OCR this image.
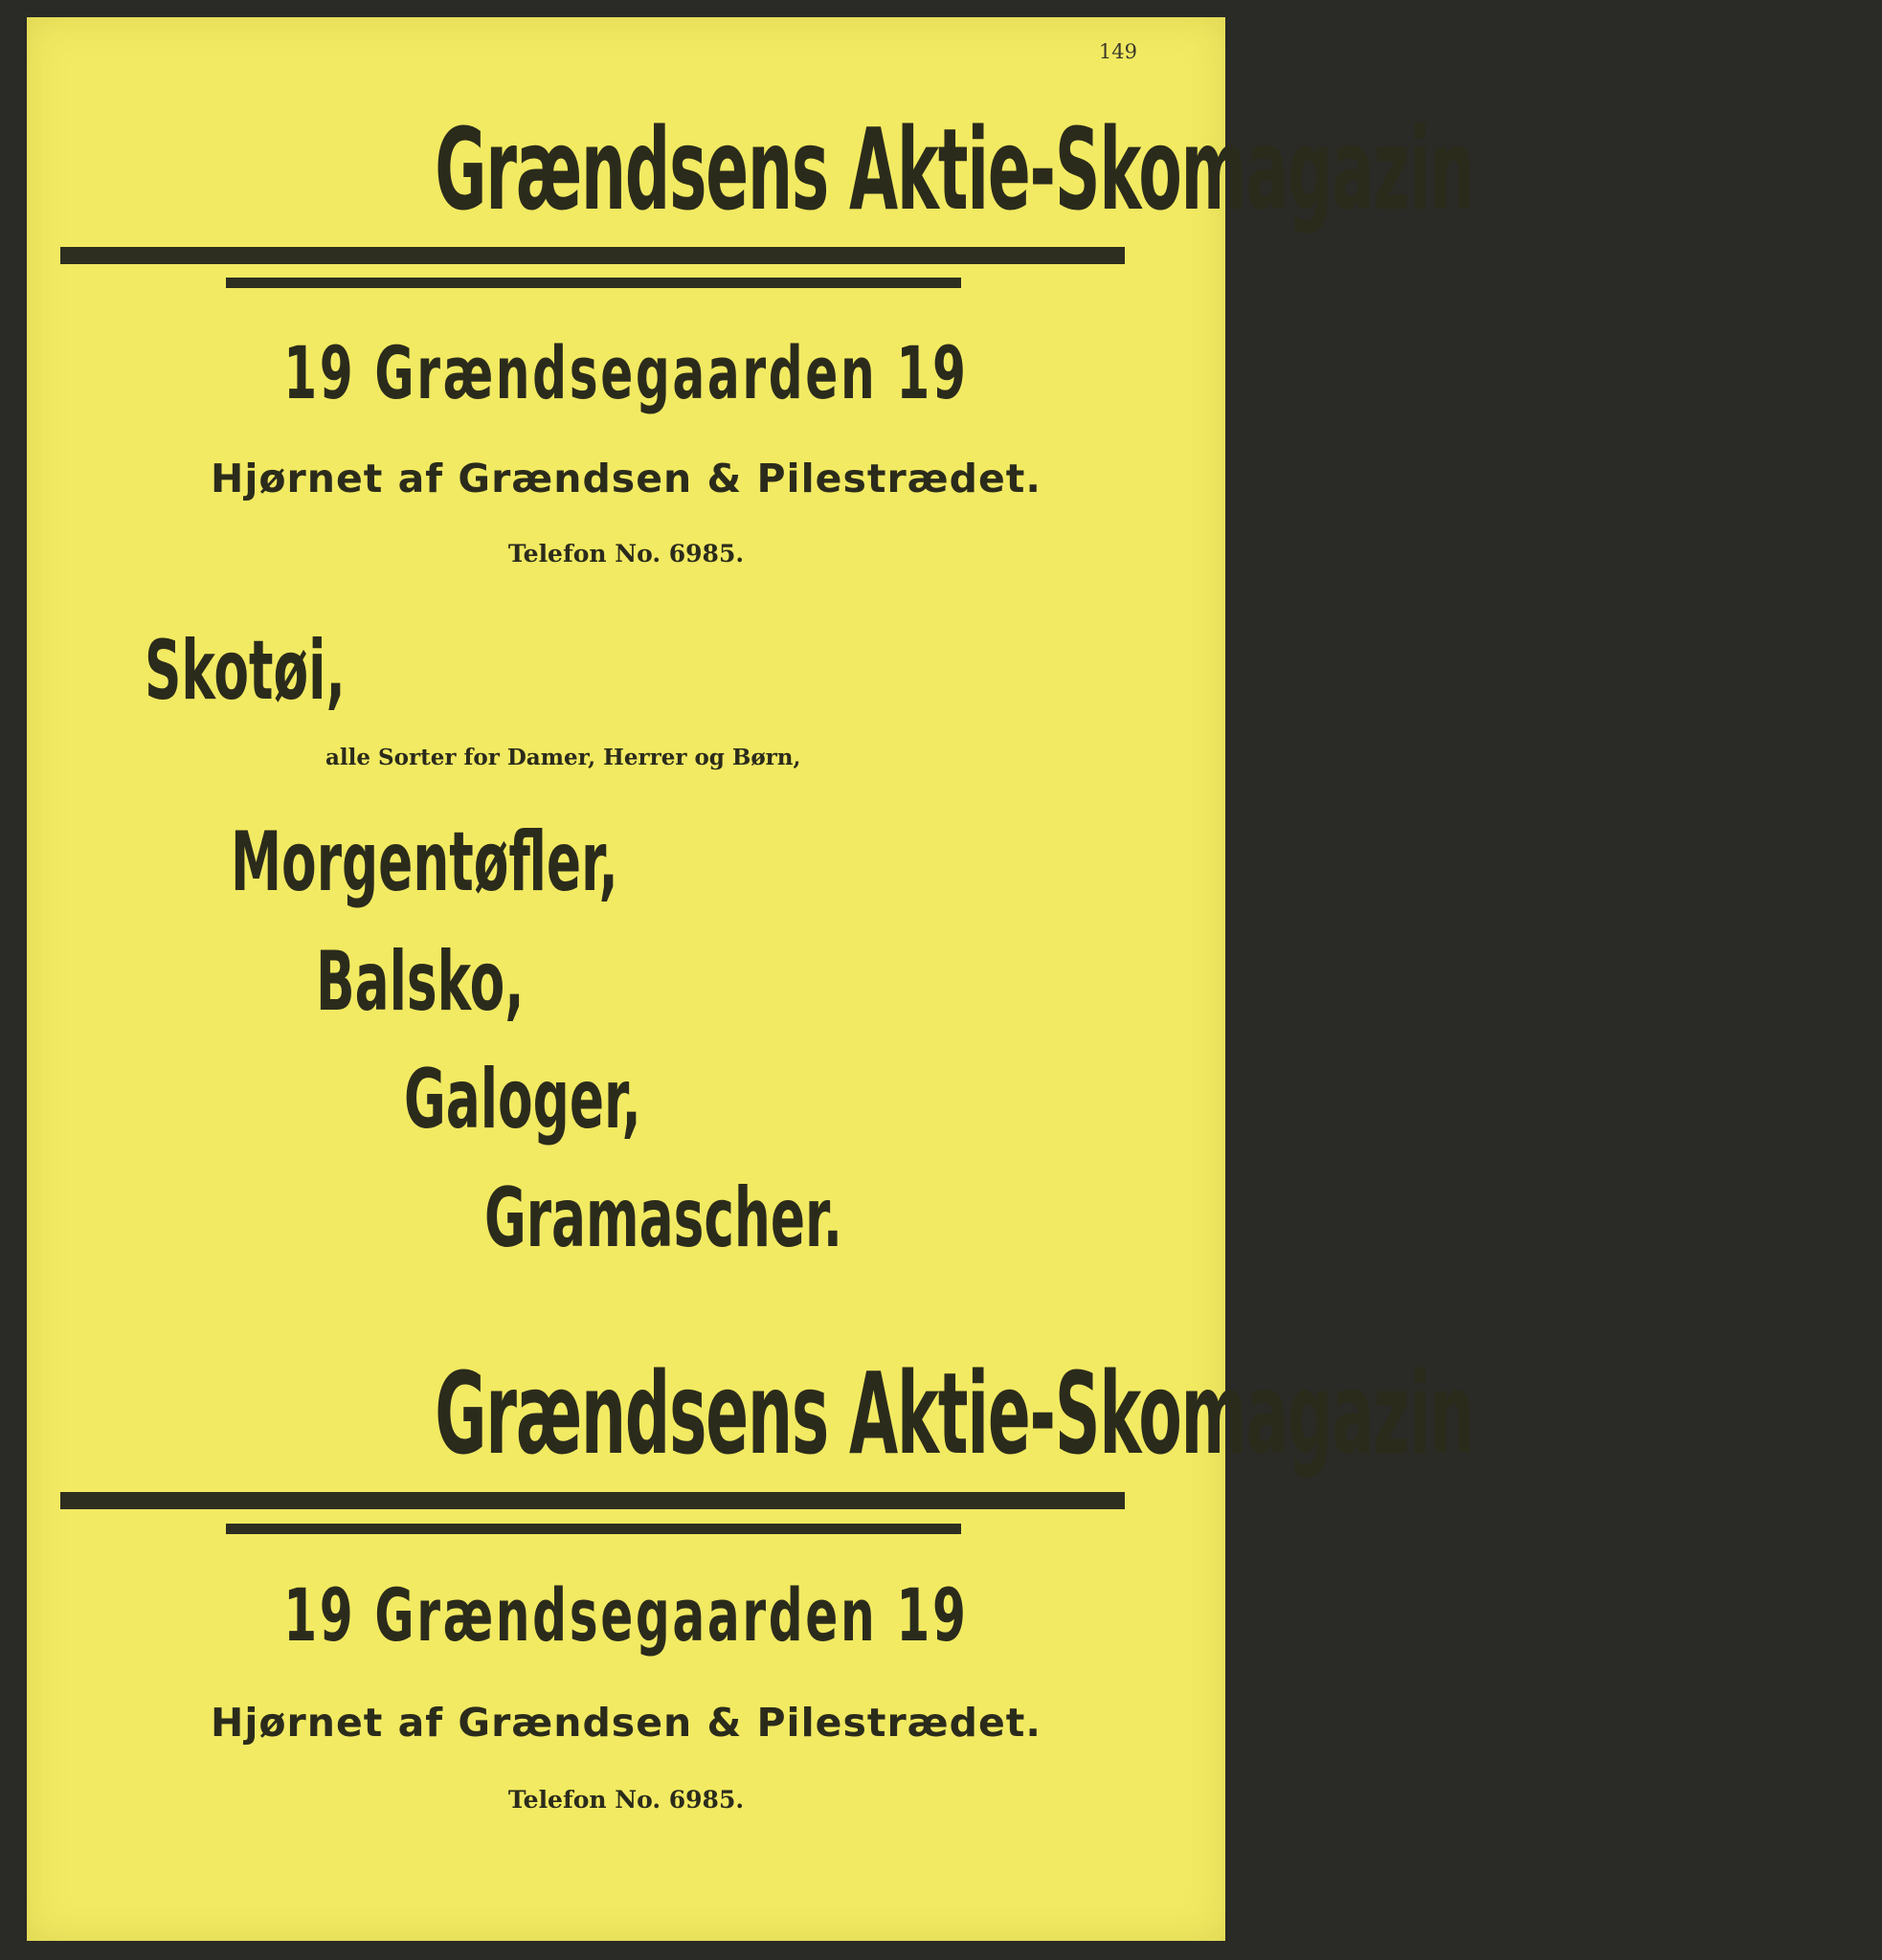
149
Grændsens Aktie-Skomagazin
19 Grændsegaarden 19
Hjørnet af Grændsen & Pilestrædet.
Telefon No. 6985.
Skotøi,
alle Sorter for Damer, Herrer og Børn,
Morgentøfler,
Balsko,
Galoger,
Gramascher.
Grændsens Aktie-Skomagazin
19 Grændsegaarden 19
Hjørnet af Grændsen & Pilestrædet.
Telefon No. 6985.
